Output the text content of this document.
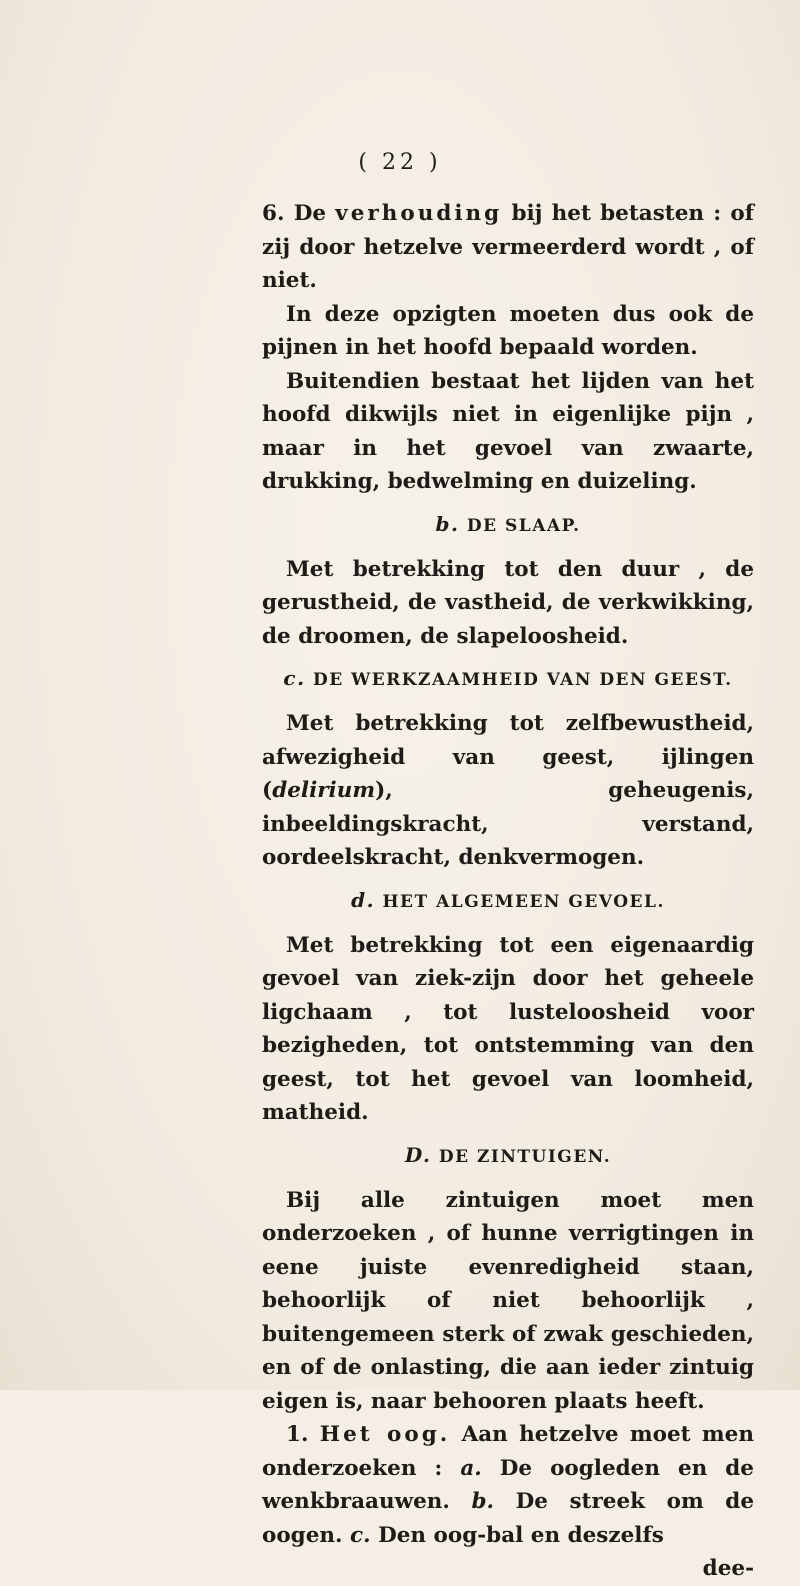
( 22 )

6. De verhouding bij het betasten : of zij door hetzelve vermeerderd wordt , of niet.

In deze opzigten moeten dus ook de pijnen in het hoofd bepaald worden.

Buitendien bestaat het lijden van het hoofd dikwijls niet in eigenlijke pijn , maar in het gevoel van zwaarte, drukking, bedwelming en duizeling.

b. DE SLAAP.

Met betrekking tot den duur , de gerustheid, de vastheid, de verkwikking, de droomen, de slapeloosheid.

c. DE WERKZAAMHEID VAN DEN GEEST.

Met betrekking tot zelfbewustheid, afwezigheid van geest, ijlingen (delirium), geheugenis, inbeeldingskracht, verstand, oordeelskracht, denkvermogen.

d. HET ALGEMEEN GEVOEL.

Met betrekking tot een eigenaardig gevoel van ziek-zijn door het geheele ligchaam , tot lusteloosheid voor bezigheden, tot ontstemming van den geest, tot het gevoel van loomheid, matheid.

D. DE ZINTUIGEN.

Bij alle zintuigen moet men onderzoeken , of hunne verrigtingen in eene juiste evenredigheid staan, behoorlijk of niet behoorlijk , buitengemeen sterk of zwak geschieden, en of de onlasting, die aan ieder zintuig eigen is, naar behooren plaats heeft.

1. Het oog. Aan hetzelve moet men onderzoeken : a. De oogleden en de wenkbraauwen. b. De streek om de oogen. c. Den oog-bal en deszelfs

dee-
